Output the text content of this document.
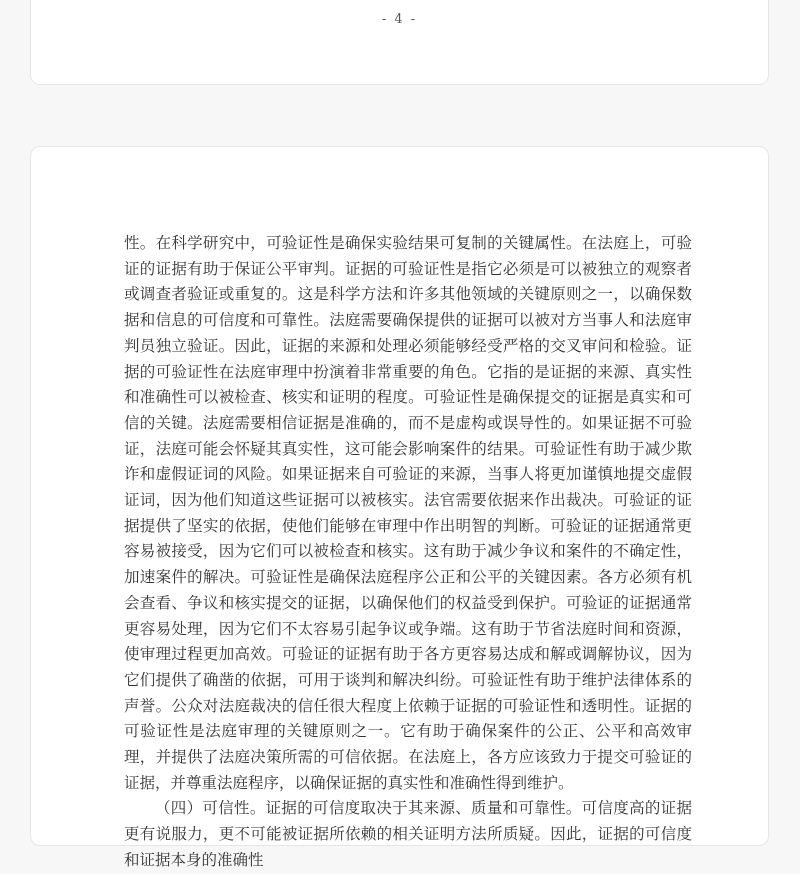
- 4 -

性。在科学研究中，可验证性是确保实验结果可复制的关键属性。在法庭上，可验证的证据有助于保证公平审判。证据的可验证性是指它必须是可以被独立的观察者或调查者验证或重复的。这是科学方法和许多其他领域的关键原则之一，以确保数据和信息的可信度和可靠性。法庭需要确保提供的证据可以被对方当事人和法庭审判员独立验证。因此，证据的来源和处理必须能够经受严格的交叉审问和检验。证据的可验证性在法庭审理中扮演着非常重要的角色。它指的是证据的来源、真实性和准确性可以被检查、核实和证明的程度。可验证性是确保提交的证据是真实和可信的关键。法庭需要相信证据是准确的，而不是虚构或误导性的。如果证据不可验证，法庭可能会怀疑其真实性，这可能会影响案件的结果。可验证性有助于减少欺诈和虚假证词的风险。如果证据来自可验证的来源，当事人将更加谨慎地提交虚假证词，因为他们知道这些证据可以被核实。法官需要依据来作出裁决。可验证的证据提供了坚实的依据，使他们能够在审理中作出明智的判断。可验证的证据通常更容易被接受，因为它们可以被检查和核实。这有助于减少争议和案件的不确定性，加速案件的解决。可验证性是确保法庭程序公正和公平的关键因素。各方必须有机会查看、争议和核实提交的证据，以确保他们的权益受到保护。可验证的证据通常更容易处理，因为它们不太容易引起争议或争端。这有助于节省法庭时间和资源，使审理过程更加高效。可验证的证据有助于各方更容易达成和解或调解协议，因为它们提供了确凿的依据，可用于谈判和解决纠纷。可验证性有助于维护法律体系的声誉。公众对法庭裁决的信任很大程度上依赖于证据的可验证性和透明性。证据的可验证性是法庭审理的关键原则之一。它有助于确保案件的公正、公平和高效审理，并提供了法庭决策所需的可信依据。在法庭上，各方应该致力于提交可验证的证据，并尊重法庭程序，以确保证据的真实性和准确性得到维护。

（四）可信性。证据的可信度取决于其来源、质量和可靠性。可信度高的证据更有说服力，更不可能被证据所依赖的相关证明方法所质疑。因此，证据的可信度和证据本身的准确性
